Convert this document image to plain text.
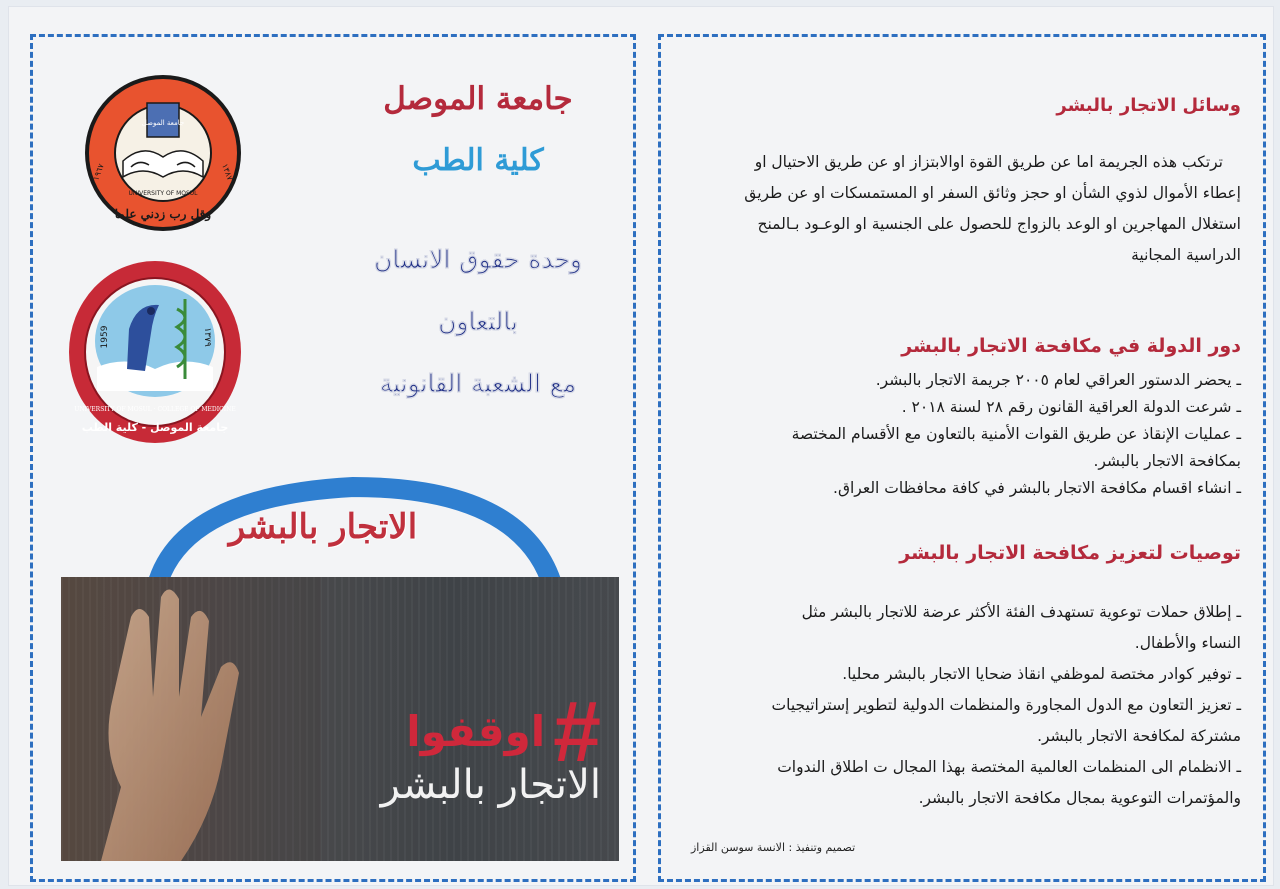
جامعة الموصل
UNIVERSITY OF MOSUL
وقل رب زدني علما
١٩٦٧	١٣٨٧
1959	١٣٧٩
UNIVERSITY OF MOSUL · COLLEGE OF MEDICINE
جامعة الموصل - كلية الطب
جامعة الموصل
كلية الطب
وحدة حقوق الانسان
بالتعاون
مع الشعبة القانونية
الاتجار بالبشر
#
اوقفوا
الاتجار بالبشر
وسائل الاتجار بالبشر
ترتكب هذه الجريمة اما عن طريق القوة اوالابتزاز او عن طريق الاحتيال او
إعطاء الأموال لذوي الشأن او حجز وثائق السفر او المستمسكات او عن طريق
استغلال المهاجرين او الوعد بالزواج للحصول على الجنسية او الوعـود بـالمنح
الدراسية المجانية
دور الدولة في مكافحة الاتجار بالبشر
ـ يحضر الدستور العراقي لعام ٢٠٠٥ جريمة الاتجار بالبشر.
ـ شرعت الدولة العراقية القانون رقم ٢٨ لسنة ٢٠١٨ .
ـ عمليات الإنقاذ عن طريق القوات الأمنية بالتعاون مع الأقسام المختصة
بمكافحة الاتجار بالبشر.
ـ انشاء اقسام مكافحة الاتجار بالبشر في كافة محافظات العراق.
توصيات لتعزيز مكافحة الاتجار بالبشر
ـ إطلاق حملات توعوية تستهدف الفئة الأكثر عرضة للاتجار بالبشر مثل
النساء والأطفال.
ـ توفير كوادر مختصة لموظفي انقاذ ضحايا الاتجار بالبشر محليا.
ـ تعزيز التعاون مع الدول المجاورة والمنظمات الدولية لتطوير إستراتيجيات
مشتركة لمكافحة الاتجار بالبشر.
ـ الانظمام الى المنظمات العالمية المختصة بهذا المجال ت اطلاق الندوات
والمؤتمرات التوعوية بمجال مكافحة الاتجار بالبشر.
تصميم وتنفيذ : الانسة سوسن القزاز
